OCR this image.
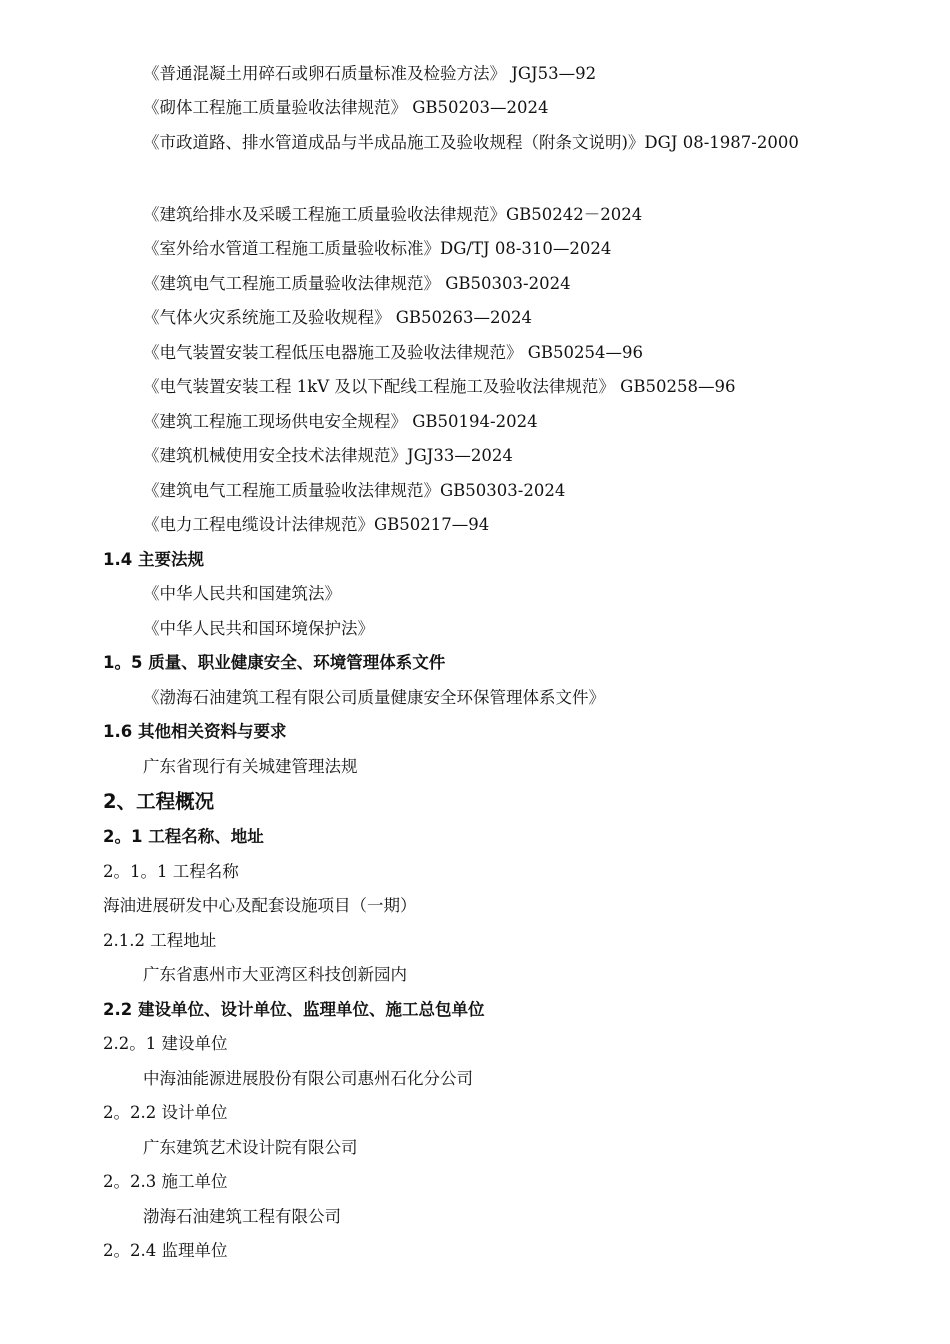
《普通混凝土用碎石或卵石质量标准及检验方法》 JGJ53—92
《砌体工程施工质量验收法律规范》 GB50203—2024
《市政道路、排水管道成品与半成品施工及验收规程（附条文说明)》DGJ 08-1987-2000
《建筑给排水及采暖工程施工质量验收法律规范》GB50242－2024
《室外给水管道工程施工质量验收标准》DG/TJ 08-310—2024
《建筑电气工程施工质量验收法律规范》 GB50303-2024
《气体火灾系统施工及验收规程》 GB50263—2024
《电气装置安装工程低压电器施工及验收法律规范》 GB50254—96
《电气装置安装工程 1kV 及以下配线工程施工及验收法律规范》 GB50258—96
《建筑工程施工现场供电安全规程》 GB50194-2024
《建筑机械使用安全技术法律规范》JGJ33—2024
《建筑电气工程施工质量验收法律规范》GB50303-2024
《电力工程电缆设计法律规范》GB50217—94
1.4 主要法规
《中华人民共和国建筑法》
《中华人民共和国环境保护法》
1。5 质量、职业健康安全、环境管理体系文件
《渤海石油建筑工程有限公司质量健康安全环保管理体系文件》
1.6 其他相关资料与要求
广东省现行有关城建管理法规
2、工程概况
2。1 工程名称、地址
2。1。1 工程名称
海油进展研发中心及配套设施项目（一期）
2.1.2 工程地址
广东省惠州市大亚湾区科技创新园内
2.2 建设单位、设计单位、监理单位、施工总包单位
2.2。1 建设单位
中海油能源进展股份有限公司惠州石化分公司
2。2.2 设计单位
广东建筑艺术设计院有限公司
2。2.3 施工单位
渤海石油建筑工程有限公司
2。2.4 监理单位
